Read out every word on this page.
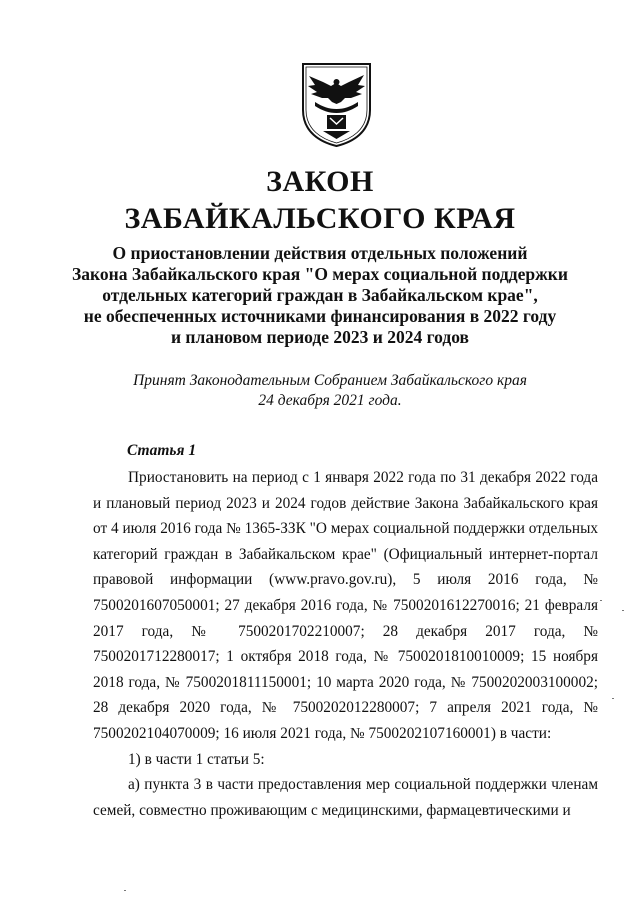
ЗАКОН
ЗАБАЙКАЛЬСКОГО КРАЯ
О приостановлении действия отдельных положений
Закона Забайкальского края "О мерах социальной поддержки
отдельных категорий граждан в Забайкальском крае",
не обеспеченных источниками финансирования в 2022 году
и плановом периоде 2023 и 2024 годов
Принят Законодательным Собранием Забайкальского края
24 декабря 2021 года.
Статья 1

Приостановить на период с 1 января 2022 года по 31 декабря 2022 года и плановый период 2023 и 2024 годов действие Закона Забайкальского края от 4 июля 2016 года № 1365-ЗЗК "О мерах социальной поддержки отдельных категорий граждан в Забайкальском крае" (Официальный интернет-портал правовой информации (www.pravo.gov.ru), 5 июля 2016 года, № 7500201607050001; 27 декабря 2016 года, № 7500201612270016; 21 февраля 2017 года, № 7500201702210007; 28 декабря 2017 года, № 7500201712280017; 1 октября 2018 года, № 7500201810010009; 15 ноября 2018 года, № 7500201811150001; 10 марта 2020 года, № 7500202003100002; 28 декабря 2020 года, № 7500202012280007; 7 апреля 2021 года, № 7500202104070009; 16 июля 2021 года, № 7500202107160001) в части:

1) в части 1 статьи 5:

а) пункта 3 в части предоставления мер социальной поддержки членам семей, совместно проживающим с медицинскими, фармацевтическими и
